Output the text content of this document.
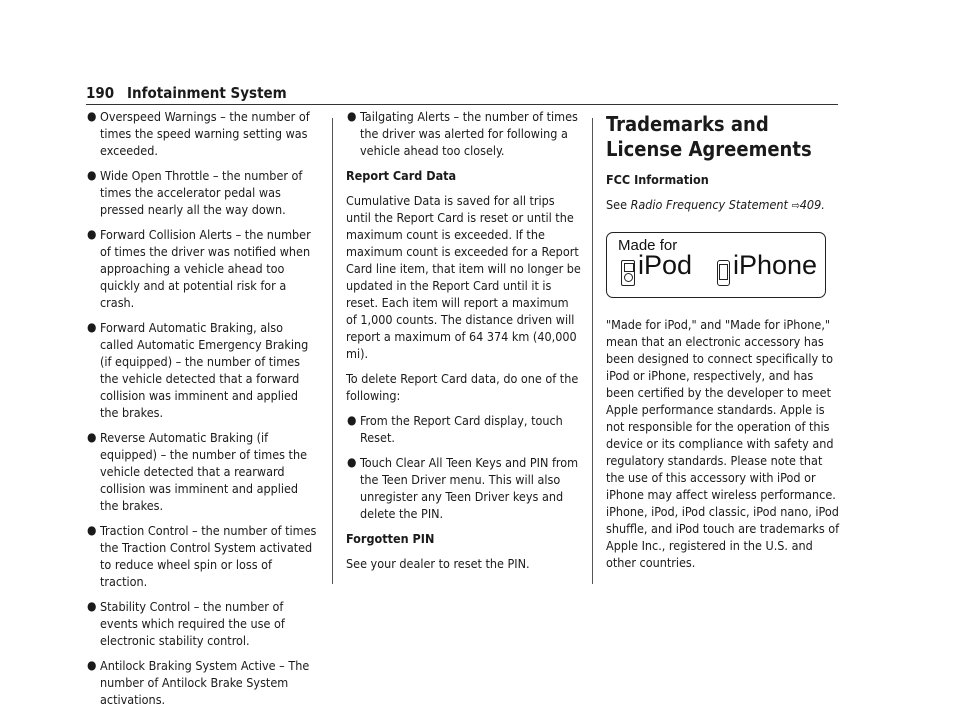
190 Infotainment System
● Overspeed Warnings – the number of times the speed warning setting was exceeded.
● Wide Open Throttle – the number of times the accelerator pedal was pressed nearly all the way down.
● Forward Collision Alerts – the number of times the driver was notified when approaching a vehicle ahead too quickly and at potential risk for a crash.
● Forward Automatic Braking, also called Automatic Emergency Braking (if equipped) – the number of times the vehicle detected that a forward collision was imminent and applied the brakes.
● Reverse Automatic Braking (if equipped) – the number of times the vehicle detected that a rearward collision was imminent and applied the brakes.
● Traction Control – the number of times the Traction Control System activated to reduce wheel spin or loss of traction.
● Stability Control – the number of events which required the use of electronic stability control.
● Antilock Braking System Active – The number of Antilock Brake System activations.
● Tailgating Alerts – the number of times the driver was alerted for following a vehicle ahead too closely.

Report Card Data

Cumulative Data is saved for all trips until the Report Card is reset or until the maximum count is exceeded. If the maximum count is exceeded for a Report Card line item, that item will no longer be updated in the Report Card until it is reset. Each item will report a maximum of 1,000 counts. The distance driven will report a maximum of 64 374 km (40,000 mi).

To delete Report Card data, do one of the following:

● From the Report Card display, touch Reset.
● Touch Clear All Teen Keys and PIN from the Teen Driver menu. This will also unregister any Teen Driver keys and delete the PIN.

Forgotten PIN

See your dealer to reset the PIN.

Trademarks and License Agreements

FCC Information

See Radio Frequency Statement ⇨409.

Made for
iPod iPhone

"Made for iPod," and "Made for iPhone," mean that an electronic accessory has been designed to connect specifically to iPod or iPhone, respectively, and has been certified by the developer to meet Apple performance standards. Apple is not responsible for the operation of this device or its compliance with safety and regulatory standards. Please note that the use of this accessory with iPod or iPhone may affect wireless performance. iPhone, iPod, iPod classic, iPod nano, iPod shuffle, and iPod touch are trademarks of Apple Inc., registered in the U.S. and other countries.
